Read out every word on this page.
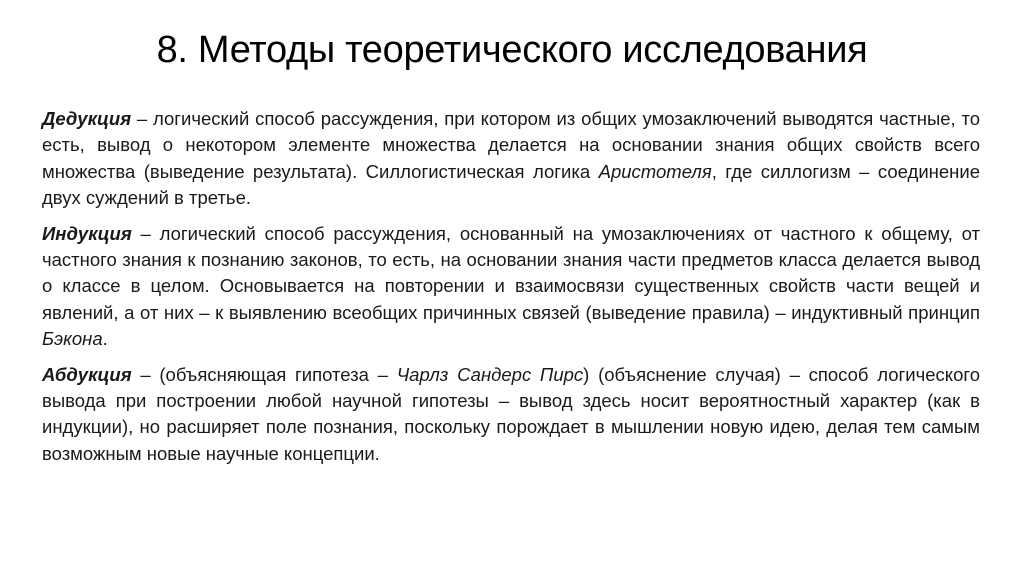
8. Методы теоретического исследования

Дедукция – логический способ рассуждения, при котором из общих умозаключений выводятся частные, то есть, вывод о некотором элементе множества делается на основании знания общих свойств всего множества (выведение результата). Силлогистическая логика Аристотеля, где силлогизм – соединение двух суждений в третье.

Индукция – логический способ рассуждения, основанный на умозаключениях от частного к общему, от частного знания к познанию законов, то есть, на основании знания части предметов класса делается вывод о классе в целом. Основывается на повторении и взаимосвязи существенных свойств части вещей и явлений, а от них – к выявлению всеобщих причинных связей (выведение правила) – индуктивный принцип Бэкона.

Абдукция – (объясняющая гипотеза – Чарлз Сандерс Пирс) (объяснение случая) – способ логического вывода при построении любой научной гипотезы – вывод здесь носит вероятностный характер (как в индукции), но расширяет поле познания, поскольку порождает в мышлении новую идею, делая тем самым возможным новые научные концепции.
